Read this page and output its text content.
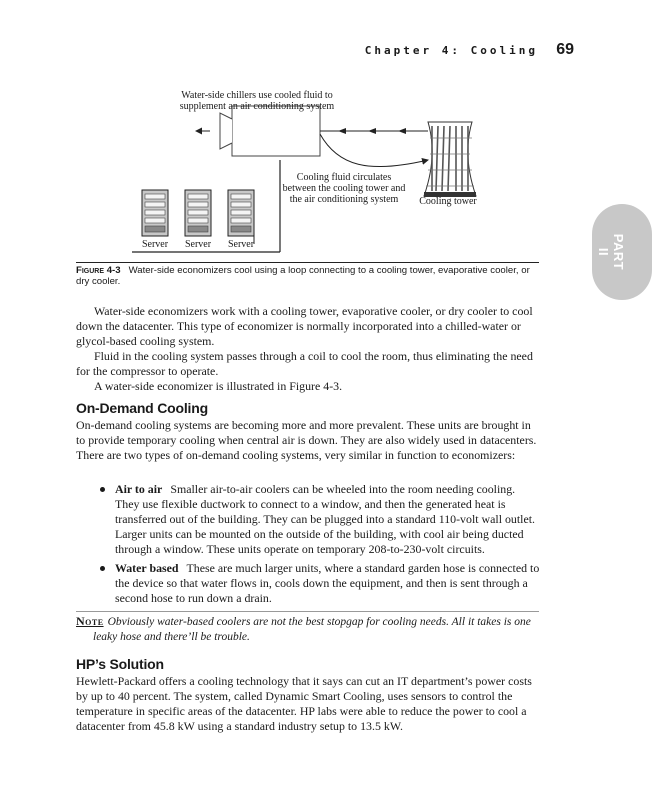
Chapter 4: Cooling 69
PART II
Water-side chillers use cooled fluid to supplement an air conditioning system
Cooling fluid circulates between the cooling tower and the air conditioning system	Cooling tower
Server	Server	Server
Figure 4-3 Water-side economizers cool using a loop connecting to a cooling tower, evaporative cooler, or dry cooler.

Water-side economizers work with a cooling tower, evaporative cooler, or dry cooler to cool down the datacenter. This type of economizer is normally incorporated into a chilled-water or glycol-based cooling system.

Fluid in the cooling system passes through a coil to cool the room, thus eliminating the need for the compressor to operate.

A water-side economizer is illustrated in Figure 4-3.

On-Demand Cooling

On-demand cooling systems are becoming more and more prevalent. These units are brought in to provide temporary cooling when central air is down. They are also widely used in datacenters. There are two types of on-demand cooling systems, very similar in function to economizers:

Air to air Smaller air-to-air coolers can be wheeled into the room needing cooling. They use flexible ductwork to connect to a window, and then the generated heat is transferred out of the building. They can be plugged into a standard 110-volt wall outlet. Larger units can be mounted on the outside of the building, with cool air being ducted through a window. These units operate on temporary 208-to-230-volt circuits.
Water based These are much larger units, where a standard garden hose is connected to the device so that water flows in, cools down the equipment, and then is sent through a second hose to run down a drain.
Note Obviously water-based coolers are not the best stopgap for cooling needs. All it takes is one
leaky hose and there’ll be trouble.
HP’s Solution

Hewlett-Packard offers a cooling technology that it says can cut an IT department’s power costs by up to 40 percent. The system, called Dynamic Smart Cooling, uses sensors to control the temperature in specific areas of the datacenter. HP labs were able to reduce the power to cool a datacenter from 45.8 kW using a standard industry setup to 13.5 kW.
